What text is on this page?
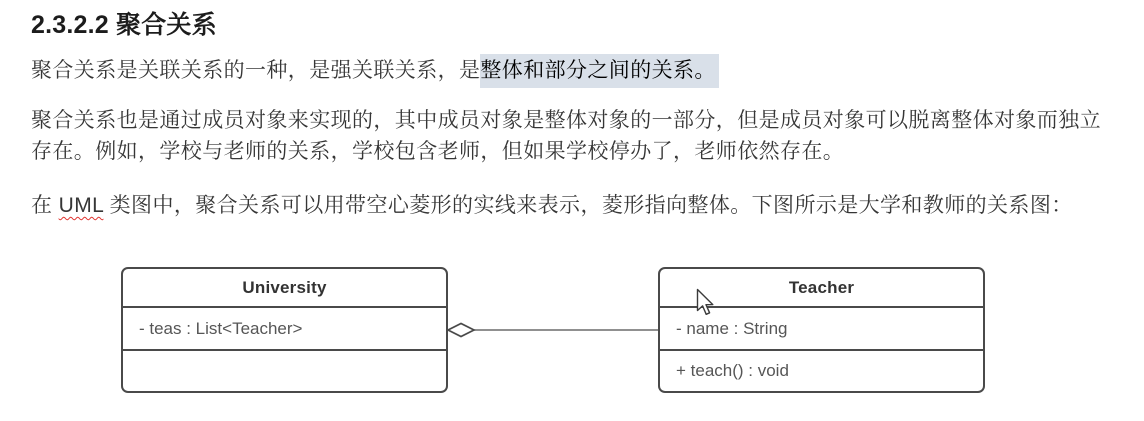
2.3.2.2 聚合关系

聚合关系是关联关系的一种，是强关联关系，是整体和部分之间的关系。

聚合关系也是通过成员对象来实现的，其中成员对象是整体对象的一部分，但是成员对象可以脱离整体对象而独立存在。例如，学校与老师的关系，学校包含老师，但如果学校停办了，老师依然存在。

在 UML 类图中，聚合关系可以用带空心菱形的实线来表示，菱形指向整体。下图所示是大学和教师的关系图：

University
- teas : List<Teacher>
Teacher
- name : String
+ teach() : void
